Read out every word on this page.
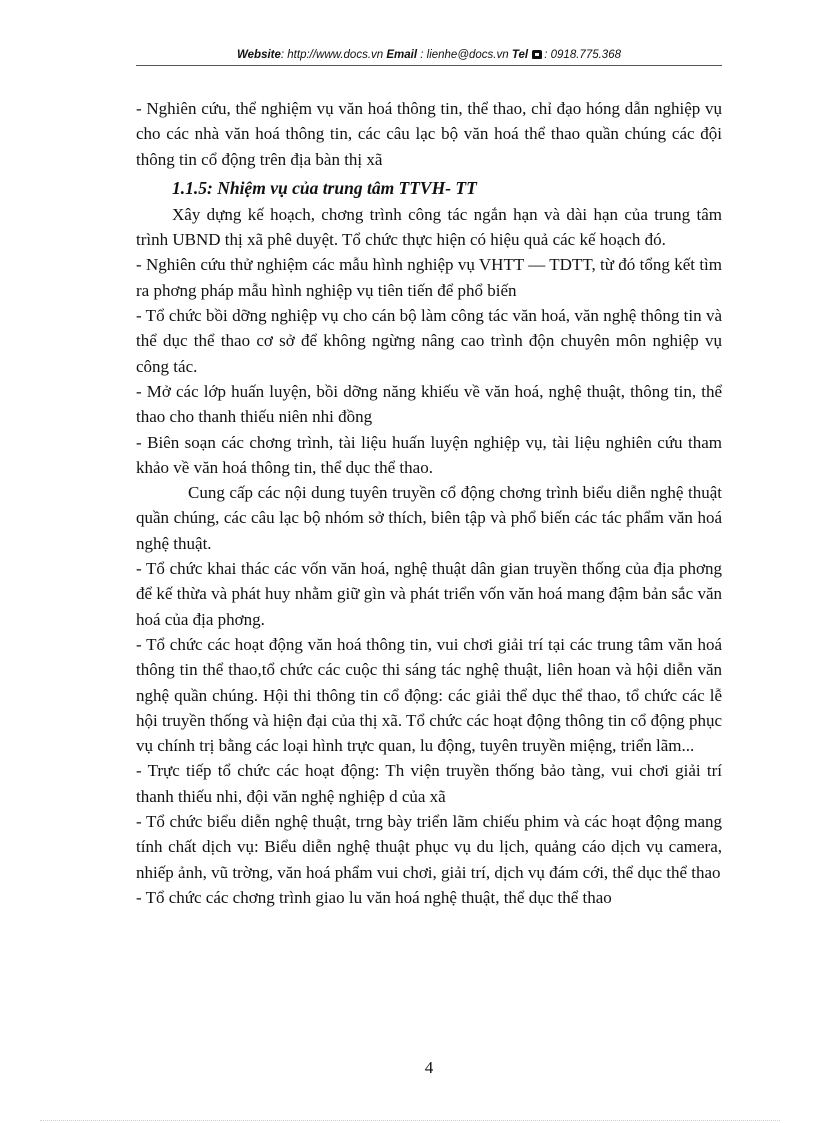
Website: http://www.docs.vn Email : lienhe@docs.vn Tel : 0918.775.368

- Nghiên cứu, thể nghiệm vụ văn hoá thông tin, thể thao, chỉ đạo hóng dẫn nghiệp vụ cho các nhà văn hoá thông tin, các câu lạc bộ văn hoá thể thao quần chúng các đội thông tin cổ động trên địa bàn thị xã

1.1.5: Nhiệm vụ của trung tâm TTVH- TT

Xây dựng kế hoạch, chơng trình công tác ngắn hạn và dài hạn của trung tâm trình UBND thị xã phê duyệt. Tổ chức thực hiện có hiệu quả các kế hoạch đó.

- Nghiên cứu thử nghiệm các mẫu hình nghiệp vụ VHTT — TDTT, từ đó tổng kết tìm ra phơng pháp mẫu hình nghiệp vụ tiên tiến để phổ biến

- Tổ chức bồi dỡng nghiệp vụ cho cán bộ làm công tác văn hoá, văn nghệ thông tin và thể dục thể thao cơ sở để không ngừng nâng cao trình độn chuyên môn nghiệp vụ công tác.

- Mở các lớp huấn luyện, bồi dỡng năng khiếu về văn hoá, nghệ thuật, thông tin, thể thao cho thanh thiếu niên nhi đồng

- Biên soạn các chơng trình, tài liệu huấn luyện nghiệp vụ, tài liệu nghiên cứu tham khảo về văn hoá thông tin, thể dục thể thao.

Cung cấp các nội dung tuyên truyền cổ động chơng trình biểu diễn nghệ thuật quần chúng, các câu lạc bộ nhóm sở thích, biên tập và phổ biến các tác phẩm văn hoá nghệ thuật.

- Tổ chức khai thác các vốn văn hoá, nghệ thuật dân gian truyền thống của địa phơng để kế thừa và phát huy nhằm giữ gìn và phát triển vốn văn hoá mang đậm bản sắc văn hoá của địa phơng.

- Tổ chức các hoạt động văn hoá thông tin, vui chơi giải trí tại các trung tâm văn hoá thông tin thể thao,tổ chức các cuộc thi sáng tác nghệ thuật, liên hoan và hội diễn văn nghệ quần chúng. Hội thi thông tin cổ động: các giải thể dục thể thao, tổ chức các lễ hội truyền thống và hiện đại của thị xã. Tổ chức các hoạt động thông tin cổ động phục vụ chính trị bằng các loại hình trực quan, lu động, tuyên truyền miệng, triển lãm...

- Trực tiếp tổ chức các hoạt động: Th viện truyền thống bảo tàng, vui chơi giải trí thanh thiếu nhi, đội văn nghệ nghiệp d của xã

- Tổ chức biểu diễn nghệ thuật, trng bày triển lãm chiếu phim và các hoạt động mang tính chất dịch vụ: Biểu diễn nghệ thuật phục vụ du lịch, quảng cáo dịch vụ camera, nhiếp ảnh, vũ trờng, văn hoá phẩm vui chơi, giải trí, dịch vụ đám cới, thể dục thể thao

- Tổ chức các chơng trình giao lu văn hoá nghệ thuật, thể dục thể thao

4
